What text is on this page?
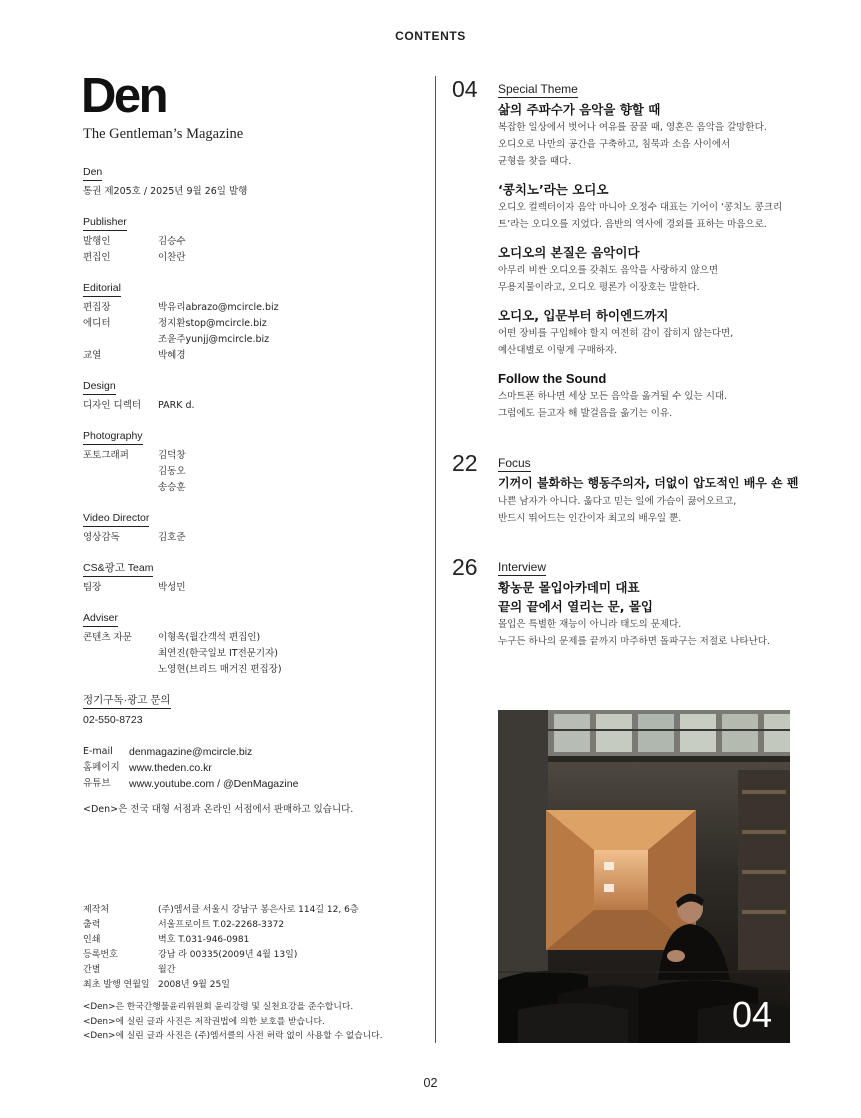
CONTENTS
Den
The Gentleman’s Magazine
Den
통권 제205호 / 2025년 9월 26일 발행
Publisher
발행인	김승수
편집인	이찬란
Editorial
편집장	박유리abrazo@mcircle.biz
에디터	정지환stop@mcircle.biz
조윤주yunjj@mcircle.biz
교열	박혜경
Design
디자인 디렉터	PARK d.
Photography
포토그래퍼	김덕창
김동오
송승훈
Video Director
영상감독	김호준
CS&광고 Team
팀장	박성민
Adviser
콘텐츠 자문	이형옥(월간객석 편집인)
최연진(한국일보 IT전문기자)
노영현(브리드 매거진 편집장)
정기구독·광고 문의
02-550-8723
E-mail	denmagazine@mcircle.biz
홈페이지 www.theden.co.kr
유튜브	www.youtube.com / @DenMagazine
<Den>은 전국 대형 서점과 온라인 서점에서 판매하고 있습니다.
제작처	(주)엠서클 서울시 강남구 봉은사로 114길 12, 6층
출력	서울프로이트 T.02-2268-3372
인쇄	벽호 T.031-946-0981
등록번호	강남 라 00335(2009년 4월 13일)
간별	월간
최초 발행 연월일 2008년 9월 25일
<Den>은 한국간행물윤리위원회 윤리강령 및 실천요강을 준수합니다.
<Den>에 실린 글과 사진은 저작권법에 의한 보호를 받습니다.
<Den>에 실린 글과 사진은 (주)엠서클의 사전 허락 없이 사용할 수 없습니다.
04 Special Theme
삶의 주파수가 음악을 향할 때
복잡한 일상에서 벗어나 여유를 꿈꿀 때, 영혼은 음악을 갈망한다.
오디오로 나만의 공간을 구축하고, 침묵과 소음 사이에서
균형을 찾을 때다.
‘콩치노’라는 오디오
오디오 컬렉터이자 음악 마니아 오정수 대표는 기어이 ‘콩치노 콩크리
트’라는 오디오를 지었다. 음반의 역사에 경외를 표하는 마음으로.
오디오의 본질은 음악이다
아무리 비싼 오디오를 갖춰도 음악을 사랑하지 않으면
무용지물이라고, 오디오 평론가 이장호는 말한다.
오디오, 입문부터 하이엔드까지
어떤 장비를 구입해야 할지 여전히 감이 잡히지 않는다면,
예산대별로 이렇게 구매하자.
Follow the Sound
스마트폰 하나면 세상 모든 음악을 옮겨될 수 있는 시대.
그럼에도 듣고자 해 발걸음을 옮기는 이유.
22 Focus
기꺼이 불화하는 행동주의자, 더없이 압도적인 배우 숀 펜
나쁜 남자가 아니다. 옳다고 믿는 일에 가슴이 끓어오르고,
반드시 뛰어드는 인간이자 최고의 배우일 뿐.
26 Interview
황농문 몰입아카데미 대표
끝의 끝에서 열리는 문, 몰입
몰입은 특별한 재능이 아니라 태도의 문제다.
누구든 하나의 문제를 끝까지 마주하면 돌파구는 저절로 나타난다.
04
02
